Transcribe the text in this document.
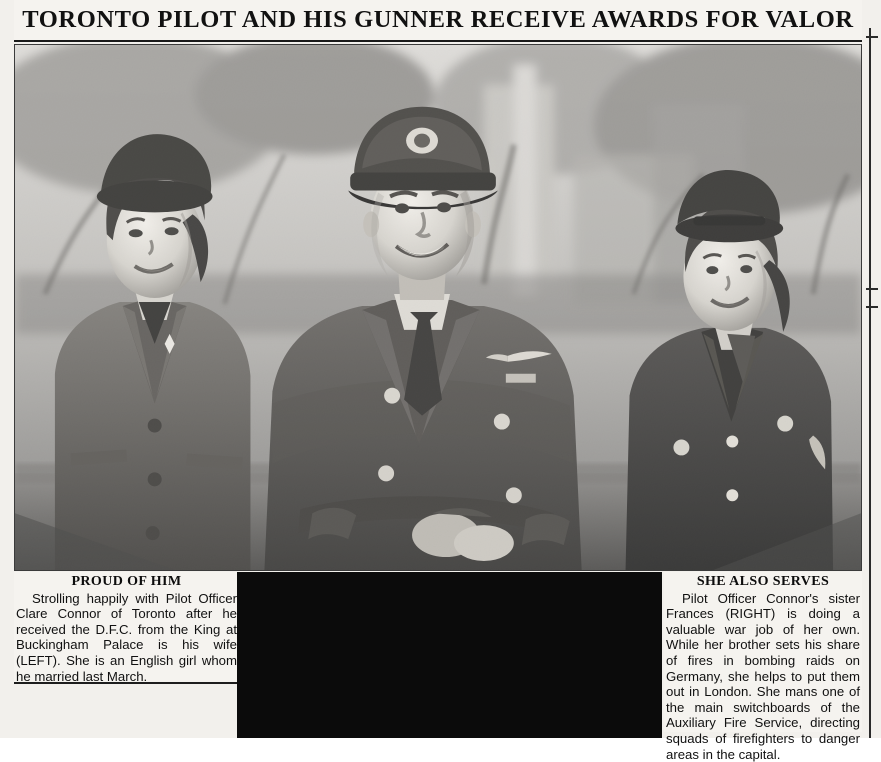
TORONTO PILOT AND HIS GUNNER RECEIVE AWARDS FOR VALOR
PROUD OF HIM
Strolling happily with Pilot Officer Clare Connor of Toronto after he received the D.F.C. from the King at Buckingham Palace is his wife (LEFT). She is an English girl whom he married last March.
SHE ALSO SERVES
Pilot Officer Connor's sister Frances (RIGHT) is doing a valuable war job of her own. While her brother sets his share of fires in bombing raids on Germany, she helps to put them out in London. She mans one of the main switchboards of the Auxiliary Fire Service, directing squads of firefighters to danger areas in the capital.
